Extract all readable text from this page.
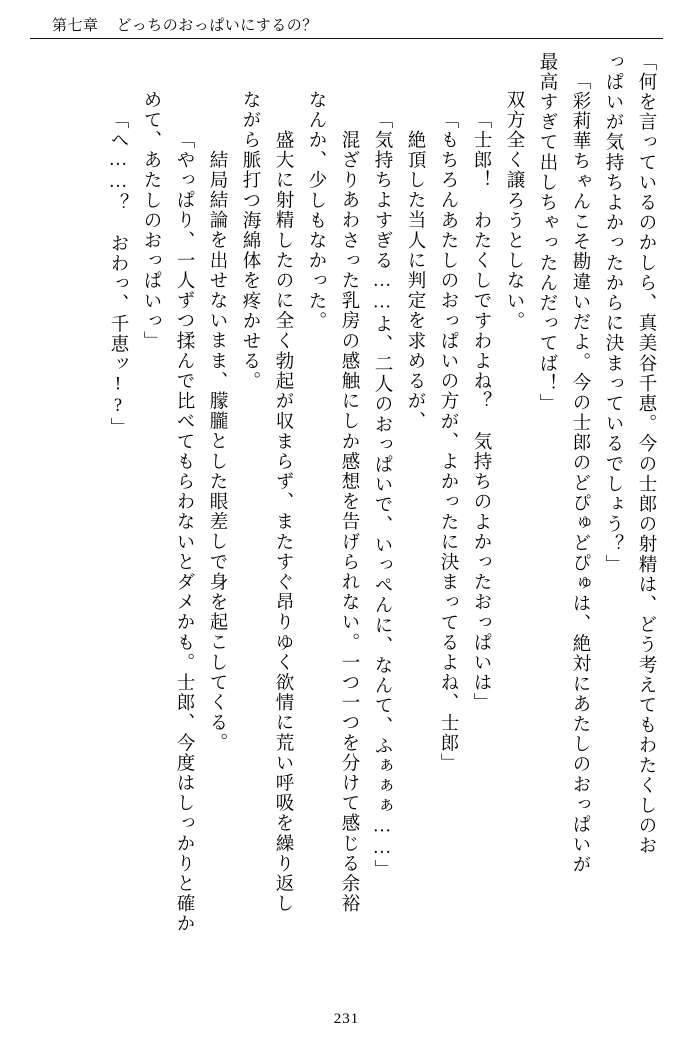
第七章 どっちのおっぱいにするの？
「何を言っているのかしら、真美谷千恵。今の士郎の射精は、どう考えてもわたくしのお
っぱいが気持ちよかったからに決まっているでしょう？」
「彩莉華ちゃんこそ勘違いだよ。今の士郎のどぴゅどぴゅは、絶対にあたしのおっぱいが
最高すぎて出しちゃったんだってば！」
双方全く譲ろうとしない。
「士郎！　わたくしですわよね？　気持ちのよかったおっぱいは」
「もちろんあたしのおっぱいの方が、よかったに決まってるよね、士郎」
絶頂した当人に判定を求めるが、
「気持ちよすぎる……よ、二人のおっぱいで、いっぺんに、なんて、ふぁぁぁ……」
混ざりあわさった乳房の感触にしか感想を告げられない。一つ一つを分けて感じる余裕
なんか、少しもなかった。
盛大に射精したのに全く勃起が収まらず、またすぐ昂りゆく欲情に荒い呼吸を繰り返し
ながら脈打つ海綿体を疼かせる。
結局結論を出せないまま、朦朧とした眼差しで身を起こしてくる。
「やっぱり、一人ずつ揉んで比べてもらわないとダメかも。士郎、今度はしっかりと確か
めて、あたしのおっぱいっ」
「へ……？　おわっ、千恵ッ!?」
231
